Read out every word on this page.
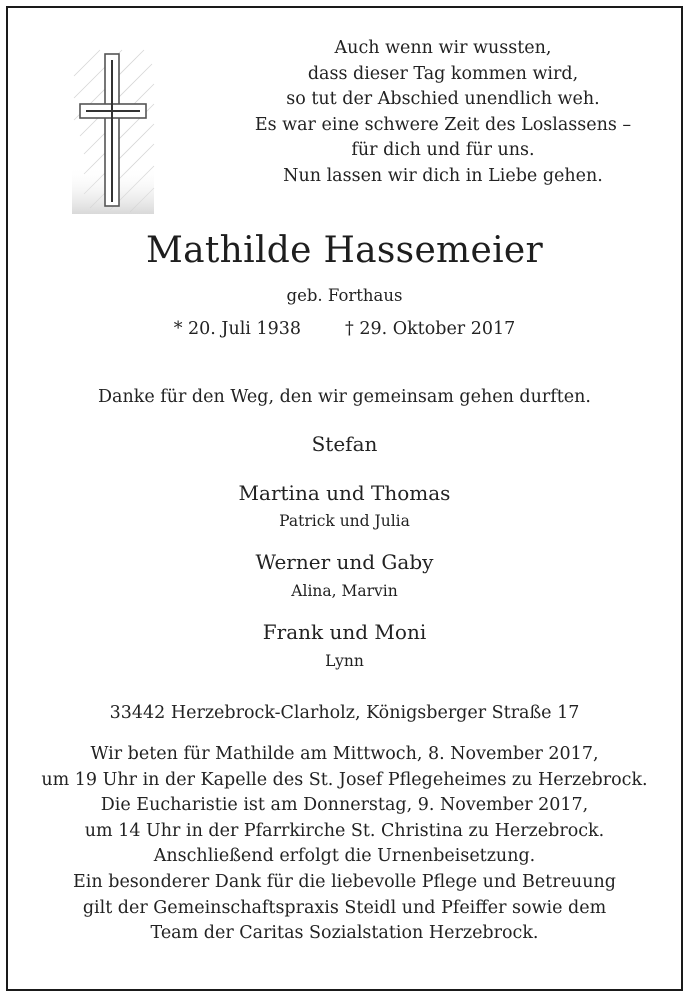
Auch wenn wir wussten,
dass dieser Tag kommen wird,
so tut der Abschied unendlich weh.
Es war eine schwere Zeit des Loslassens –
für dich und für uns.
Nun lassen wir dich in Liebe gehen.
Mathilde Hassemeier
geb. Forthaus
* 20. Juli 1938	† 29. Oktober 2017
Danke für den Weg, den wir gemeinsam gehen durften.
Stefan
Martina und Thomas
Patrick und Julia
Werner und Gaby
Alina, Marvin
Frank und Moni
Lynn
33442 Herzebrock-Clarholz, Königsberger Straße 17
Wir beten für Mathilde am Mittwoch, 8. November 2017,
um 19 Uhr in der Kapelle des St. Josef Pflegeheimes zu Herzebrock.
Die Eucharistie ist am Donnerstag, 9. November 2017,
um 14 Uhr in der Pfarrkirche St. Christina zu Herzebrock.
Anschließend erfolgt die Urnenbeisetzung.
Ein besonderer Dank für die liebevolle Pflege und Betreuung
gilt der Gemeinschaftspraxis Steidl und Pfeiffer sowie dem
Team der Caritas Sozialstation Herzebrock.
